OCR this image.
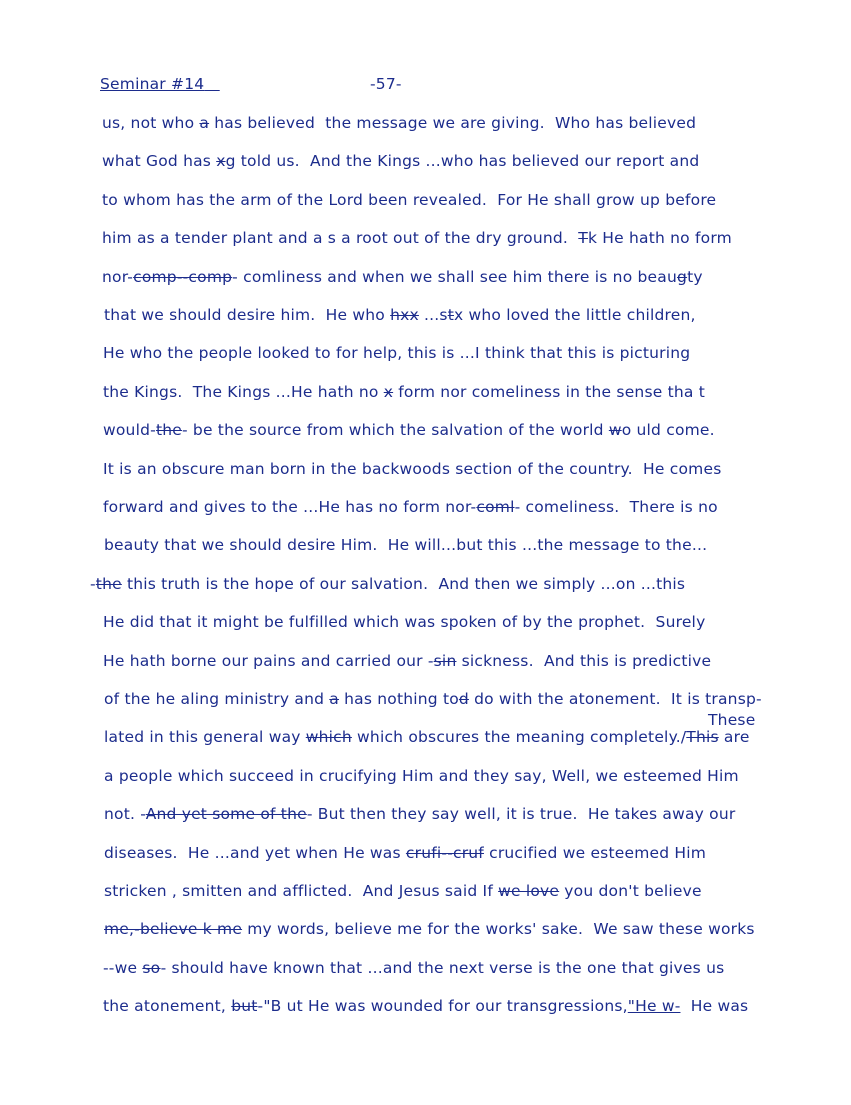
Seminar #14	-57-
us, not who a has believed  the message we are giving.  Who has believed
what God has xg told us.  And the Kings ...who has believed our report and
to whom has the arm of the Lord been revealed.  For He shall grow up before
him as a tender plant and a s a root out of the dry ground.  Tk He hath no form
nor-comp--comp- comliness and when we shall see him there is no beaugty
that we should desire him.  He who hxx ...stx who loved the little children,
He who the people looked to for help, this is ...I think that this is picturing
the Kings.  The Kings ...He hath no x form nor comeliness in the sense tha t
would-the- be the source from which the salvation of the world wo uld come.
It is an obscure man born in the backwoods section of the country.  He comes
forward and gives to the ...He has no form nor-coml- comeliness.  There is no
beauty that we should desire Him.  He will...but this ...the message to the...
-the this truth is the hope of our salvation.  And then we simply ...on ...this
He did that it might be fulfilled which was spoken of by the prophet.  Surely
He hath borne our pains and carried our -sin sickness.  And this is predictive
of the he aling ministry and a has nothing tod do with the atonement.  It is transp-
lated in this general way which which obscures the meaning completely./This are
a people which succeed in crucifying Him and they say, Well, we esteemed Him
not. -And yet some of the- But then they say well, it is true.  He takes away our
diseases.  He ...and yet when He was crufi--cruf crucified we esteemed Him
stricken , smitten and afflicted.  And Jesus said If we love you don't believe
me,-believe k me my words, believe me for the works' sake.  We saw these works
--we so- should have known that ...and the next verse is the one that gives us
the atonement, but-"B ut He was wounded for our transgressions,"He w-  He was
These
